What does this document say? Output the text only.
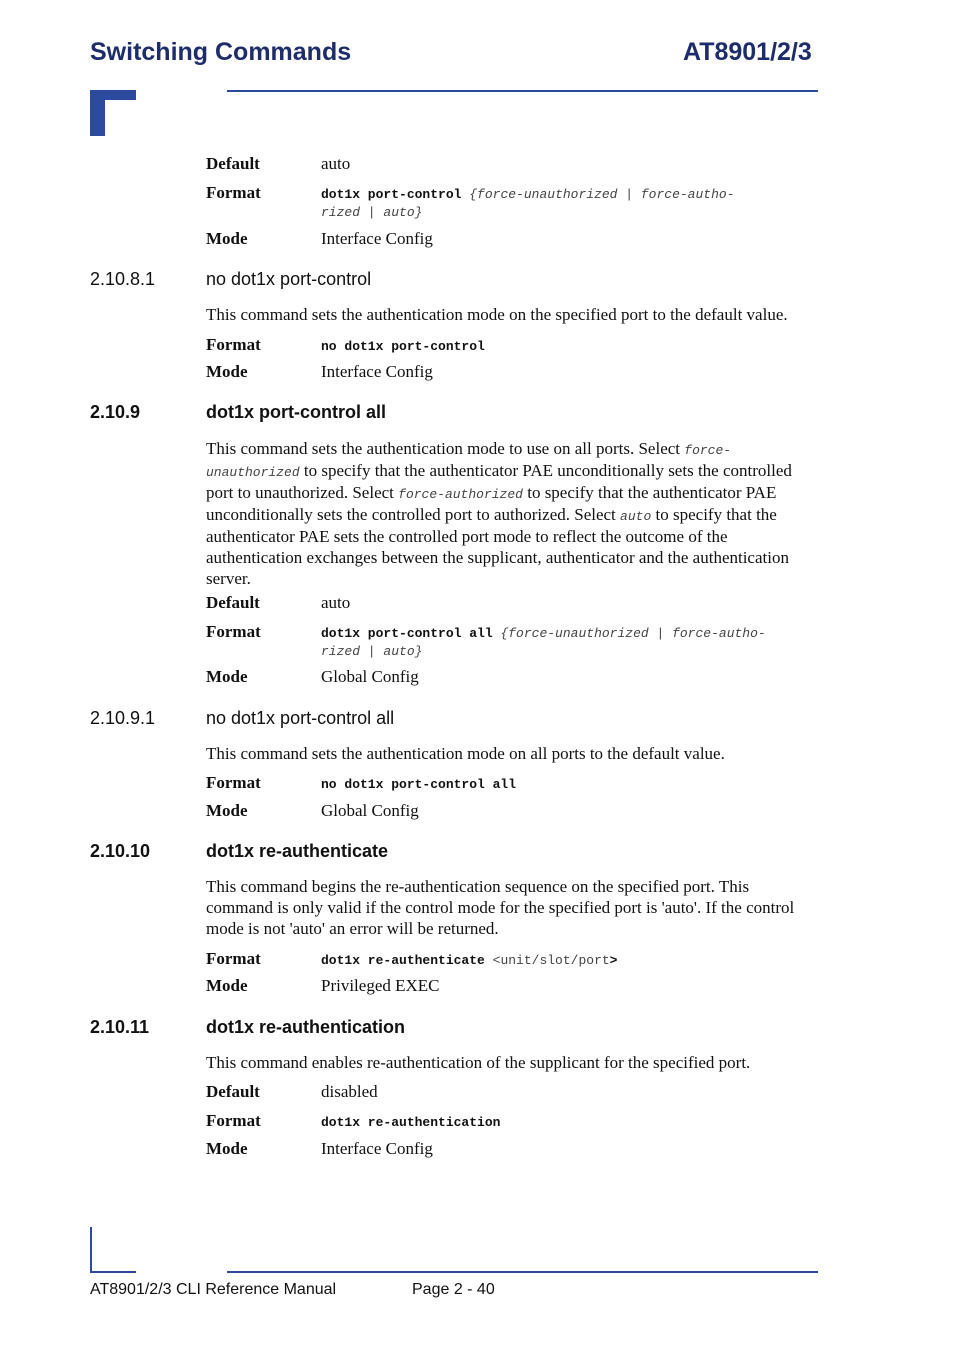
Switching Commands	AT8901/2/3
Default	auto
Format	dot1x port-control {force-unauthorized | force-autho-
rized | auto}
Mode	Interface Config
2.10.8.1	no dot1x port-control
This command sets the authentication mode on the specified port to the default value.
Format	no dot1x port-control
Mode	Interface Config
2.10.9	dot1x port-control all
This command sets the authentication mode to use on all ports. Select force-unauthorized to specify that the authenticator PAE unconditionally sets the controlled port to unauthorized. Select force-authorized to specify that the authenticator PAE unconditionally sets the controlled port to authorized. Select auto to specify that the authenticator PAE sets the controlled port mode to reflect the outcome of the authentication exchanges between the supplicant, authenticator and the authentication server.
Default	auto
Format	dot1x port-control all {force-unauthorized | force-autho-
rized | auto}
Mode	Global Config
2.10.9.1	no dot1x port-control all
This command sets the authentication mode on all ports to the default value.
Format	no dot1x port-control all
Mode	Global Config
2.10.10	dot1x re-authenticate
This command begins the re-authentication sequence on the specified port. This command is only valid if the control mode for the specified port is 'auto'. If the control mode is not 'auto' an error will be returned.
Format	dot1x re-authenticate <unit/slot/port>
Mode	Privileged EXEC
2.10.11	dot1x re-authentication
This command enables re-authentication of the supplicant for the specified port.
Default	disabled
Format	dot1x re-authentication
Mode	Interface Config
AT8901/2/3 CLI Reference Manual	Page 2 - 40
